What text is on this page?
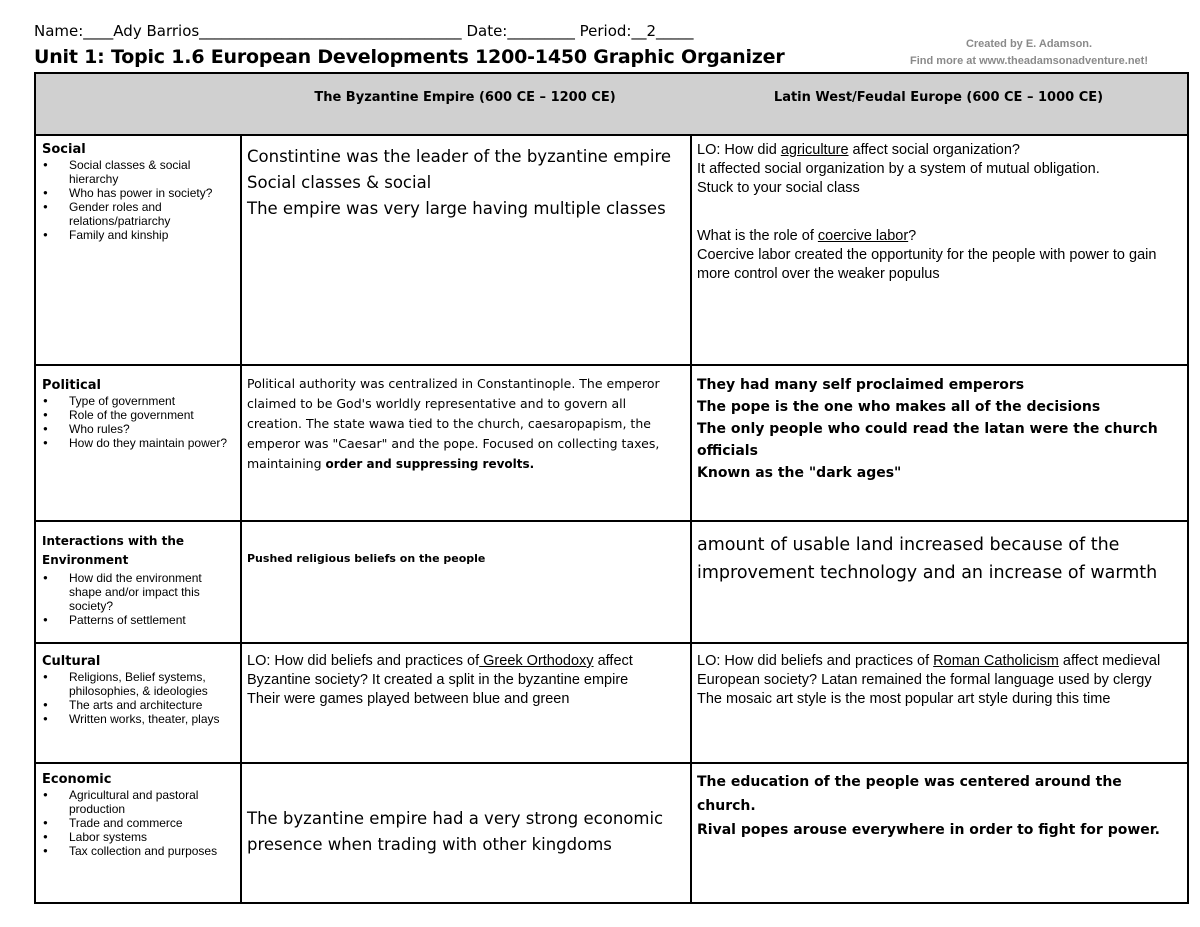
Name:____Ady Barrios___________________________________ Date:_________ Period:__2_____
Unit 1: Topic 1.6 European Developments 1200-1450 Graphic Organizer
Created by E. Adamson.
Find more at www.theadamsonadventure.net!
The Byzantine Empire (600 CE – 1200 CE)	Latin West/Feudal Europe (600 CE – 1000 CE)
Social
● Social classes & social hierarchy
● Who has power in society?
● Gender roles and relations/patriarchy
● Family and kinship
Constintine was the leader of the byzantine empire
Social classes & social
The empire was very large having multiple classes
LO: How did agriculture affect social organization?
It affected social organization by a system of mutual obligation.
Stuck to your social class
What is the role of coercive labor?
Coercive labor created the opportunity for the people with power to gain more control over the weaker populus
Political
● Type of government
● Role of the government
● Who rules?
● How do they maintain power?
Political authority was centralized in Constantinople. The emperor claimed to be God's worldly representative and to govern all creation. The state wawa tied to the church, caesaropapism, the emperor was "Caesar" and the pope. Focused on collecting taxes, maintaining order and suppressing revolts.
They had many self proclaimed emperors
The pope is the one who makes all of the decisions
The only people who could read the latan were the church officials
Known as the "dark ages"
Interactions with the Environment
● How did the environment shape and/or impact this society?
● Patterns of settlement
Pushed religious beliefs on the people
amount of usable land increased because of the improvement technology and an increase of warmth
Cultural
● Religions, Belief systems, philosophies, & ideologies
● The arts and architecture
● Written works, theater, plays
LO: How did beliefs and practices of Greek Orthodoxy affect Byzantine society? It created a split in the byzantine empire
Their were games played between blue and green
LO: How did beliefs and practices of Roman Catholicism affect medieval European society? Latan remained the formal language used by clergy
The mosaic art style is the most popular art style during this time
Economic
● Agricultural and pastoral production
● Trade and commerce
● Labor systems
● Tax collection and purposes
The byzantine empire had a very strong economic presence when trading with other kingdoms
The education of the people was centered around the church.
Rival popes arouse everywhere in order to fight for power.
